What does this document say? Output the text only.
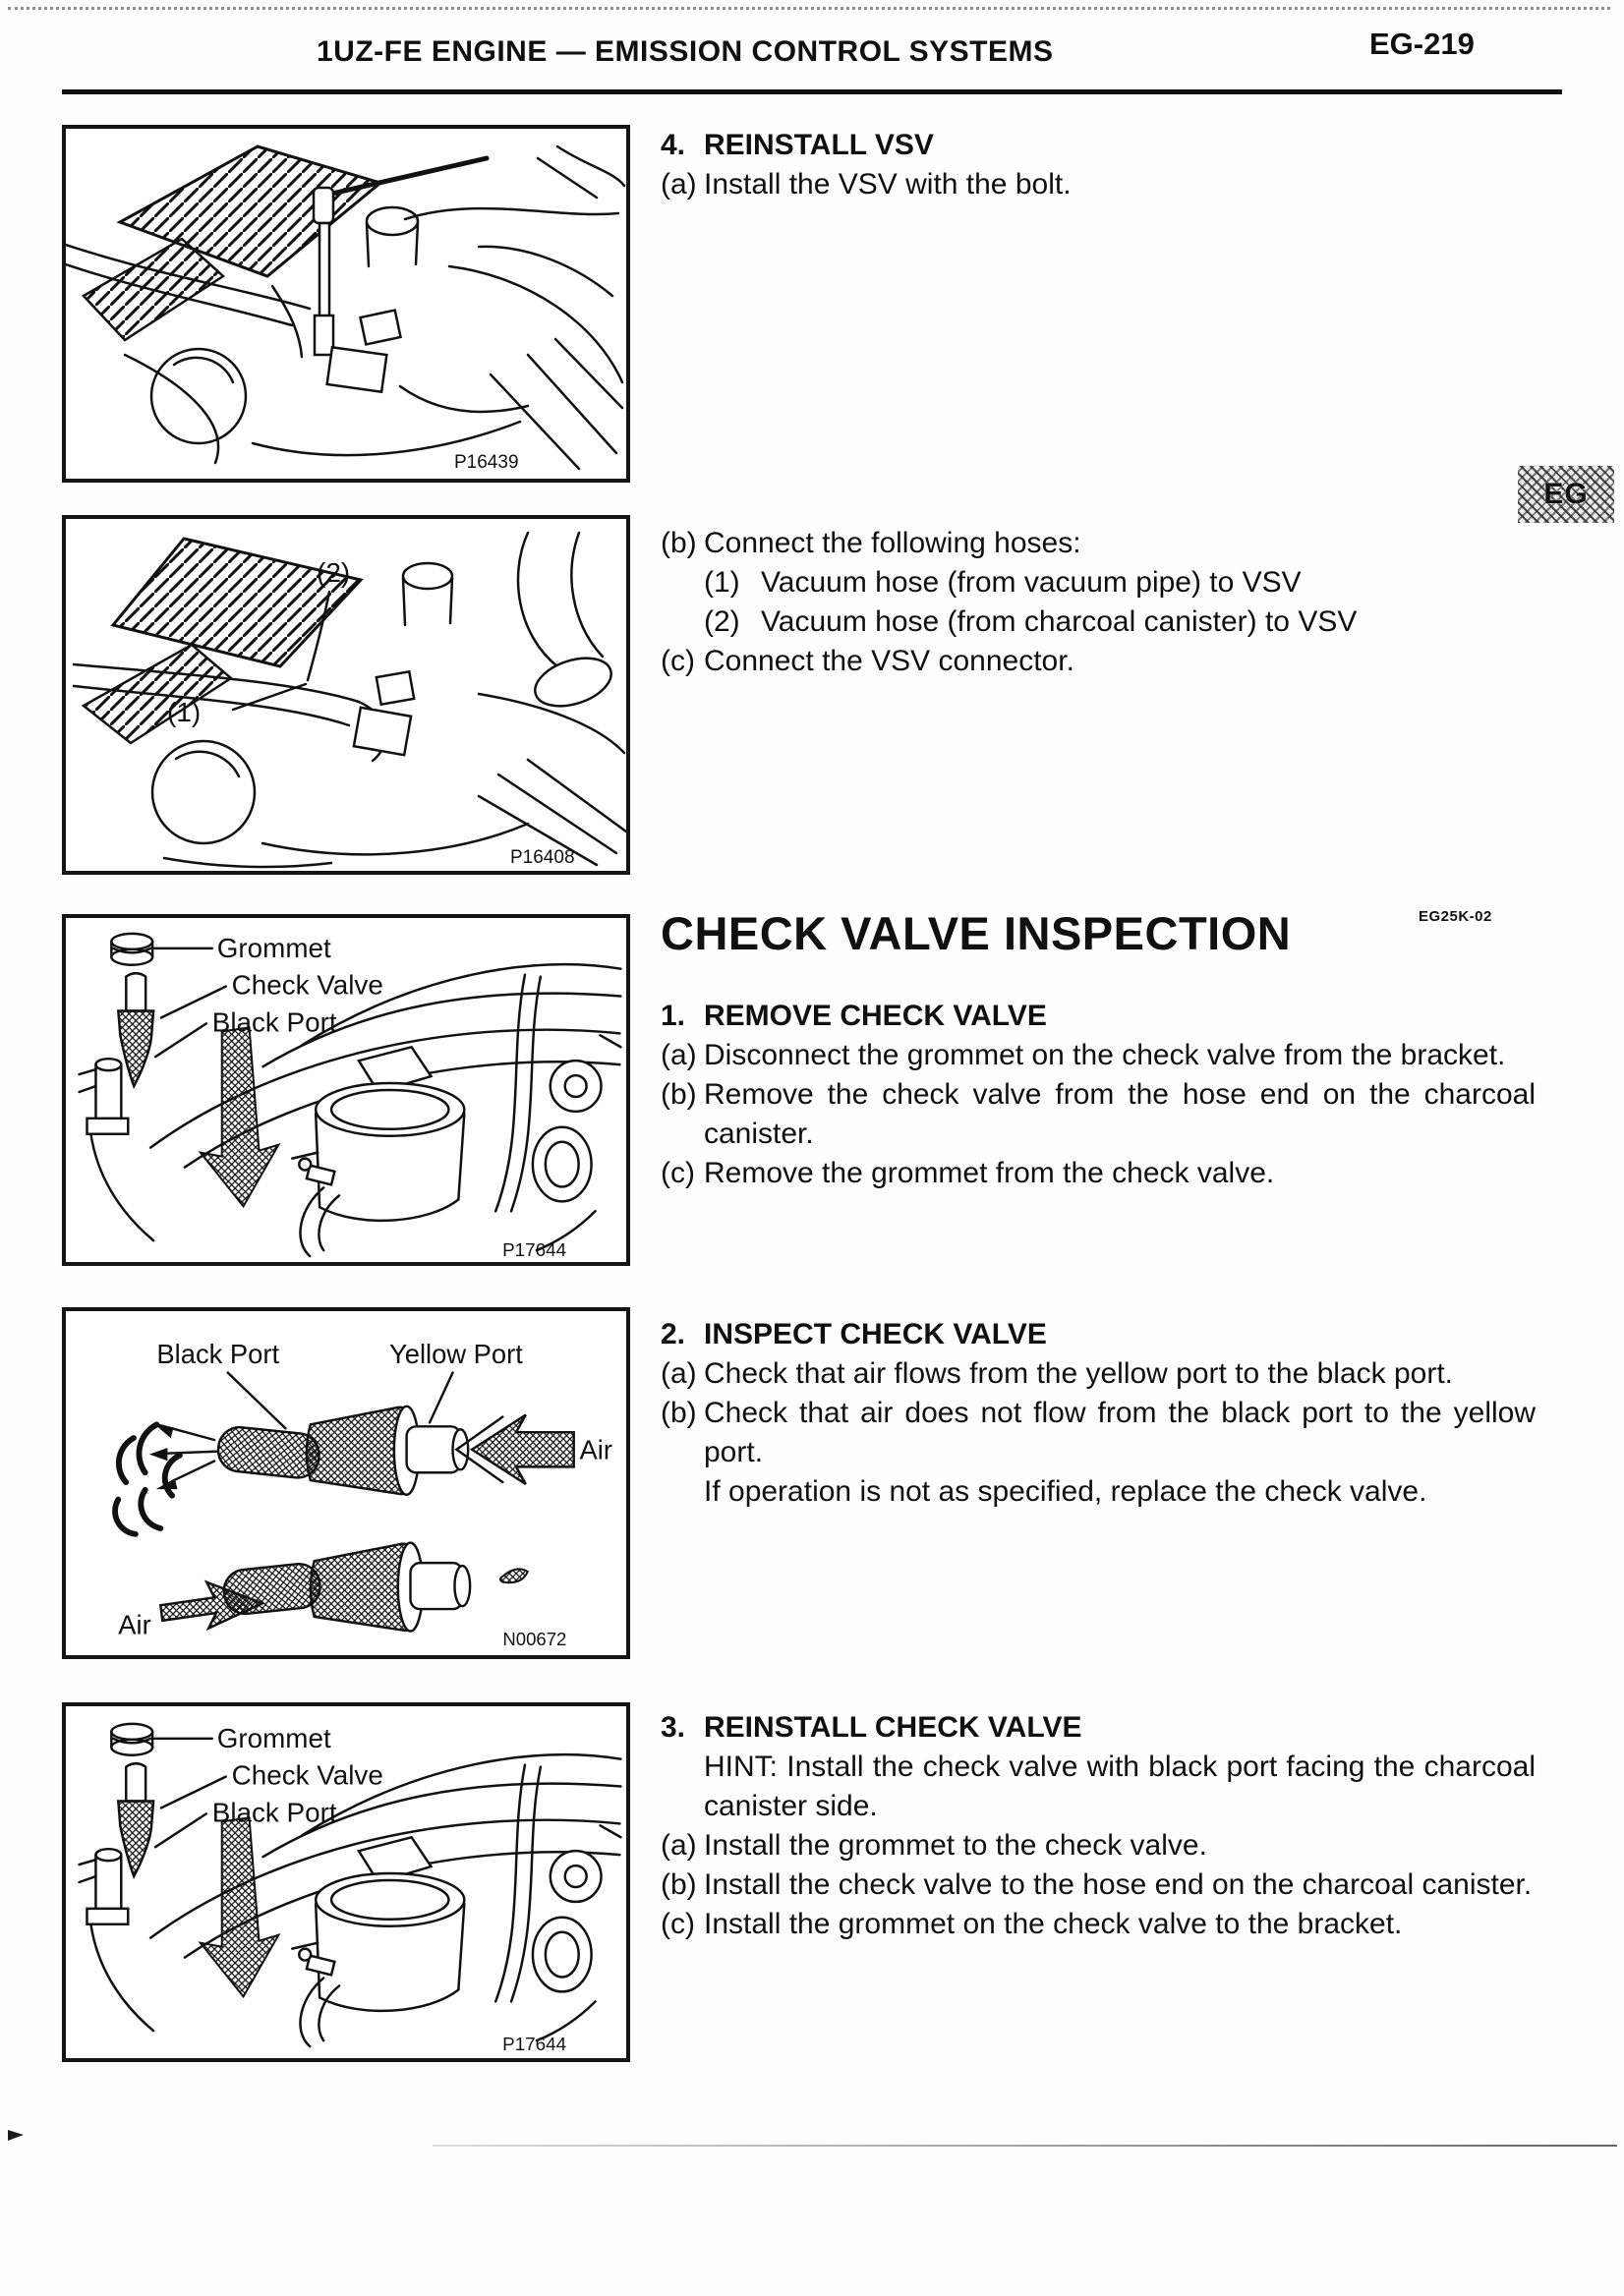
1UZ-FE ENGINE — EMISSION CONTROL SYSTEMS	EG-219
EG
P16439
(2)
(1)
P16408
Grommet
Check Valve
Black Port
P17644
Black Port	Yellow Port
Air
Air	N00672
Grommet
Check Valve
Black Port
P17644
4. REINSTALL VSV
(a) Install the VSV with the bolt.
(b) Connect the following hoses:
(1) Vacuum hose (from vacuum pipe) to VSV
(2) Vacuum hose (from charcoal canister) to VSV
(c) Connect the VSV connector.
CHECK VALVE INSPECTION	EG25K-02
1. REMOVE CHECK VALVE
(a) Disconnect the grommet on the check valve from the bracket.
(b) Remove the check valve from the hose end on the charcoal canister.
(c) Remove the grommet from the check valve.
2. INSPECT CHECK VALVE
(a) Check that air flows from the yellow port to the black port.
(b) Check that air does not flow from the black port to the yellow port.
If operation is not as specified, replace the check valve.
3. REINSTALL CHECK VALVE
HINT: Install the check valve with black port facing the charcoal canister side.
(a) Install the grommet to the check valve.
(b) Install the check valve to the hose end on the charcoal canister.
(c) Install the grommet on the check valve to the bracket.
